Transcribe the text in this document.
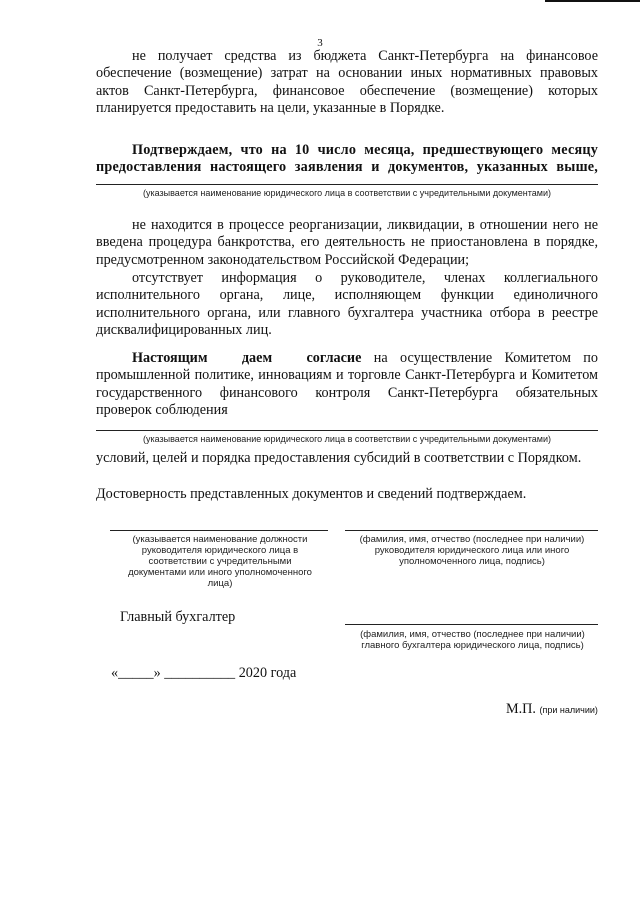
3

не получает средства из бюджета Санкт-Петербурга на финансовое обеспечение (возмещение) затрат на основании иных нормативных правовых актов Санкт-Петербурга, финансовое обеспечение (возмещение) которых планируется предоставить на цели, указанные в Порядке.

Подтверждаем, что на 10 число месяца, предшествующего месяцу предоставления настоящего заявления и документов, указанных выше,

(указывается наименование юридического лица в соответствии с учредительными документами)

не находится в процессе реорганизации, ликвидации, в отношении него не введена процедура банкротства, его деятельность не приостановлена в порядке, предусмотренном законодательством Российской Федерации;

отсутствует информация о руководителе, членах коллегиального исполнительного органа, лице, исполняющем функции единоличного исполнительного органа, или главного бухгалтера участника отбора в реестре дисквалифицированных лиц.

Настоящим даем согласие на осуществление Комитетом по промышленной политике, инновациям и торговле Санкт-Петербурга и Комитетом государственного финансового контроля Санкт-Петербурга обязательных проверок соблюдения

(указывается наименование юридического лица в соответствии с учредительными документами)
условий, целей и порядка предоставления субсидий в соответствии с Порядком.
Достоверность представленных документов и сведений подтверждаем.
(указывается наименование должности руководителя юридического лица в соответствии с учредительными документами или иного уполномоченного лица)
(фамилия, имя, отчество (последнее при наличии) руководителя юридического лица или иного уполномоченного лица, подпись)
Главный бухгалтер
(фамилия, имя, отчество (последнее при наличии) главного бухгалтера юридического лица, подпись)
«_____» __________ 2020 года
М.П. (при наличии)
